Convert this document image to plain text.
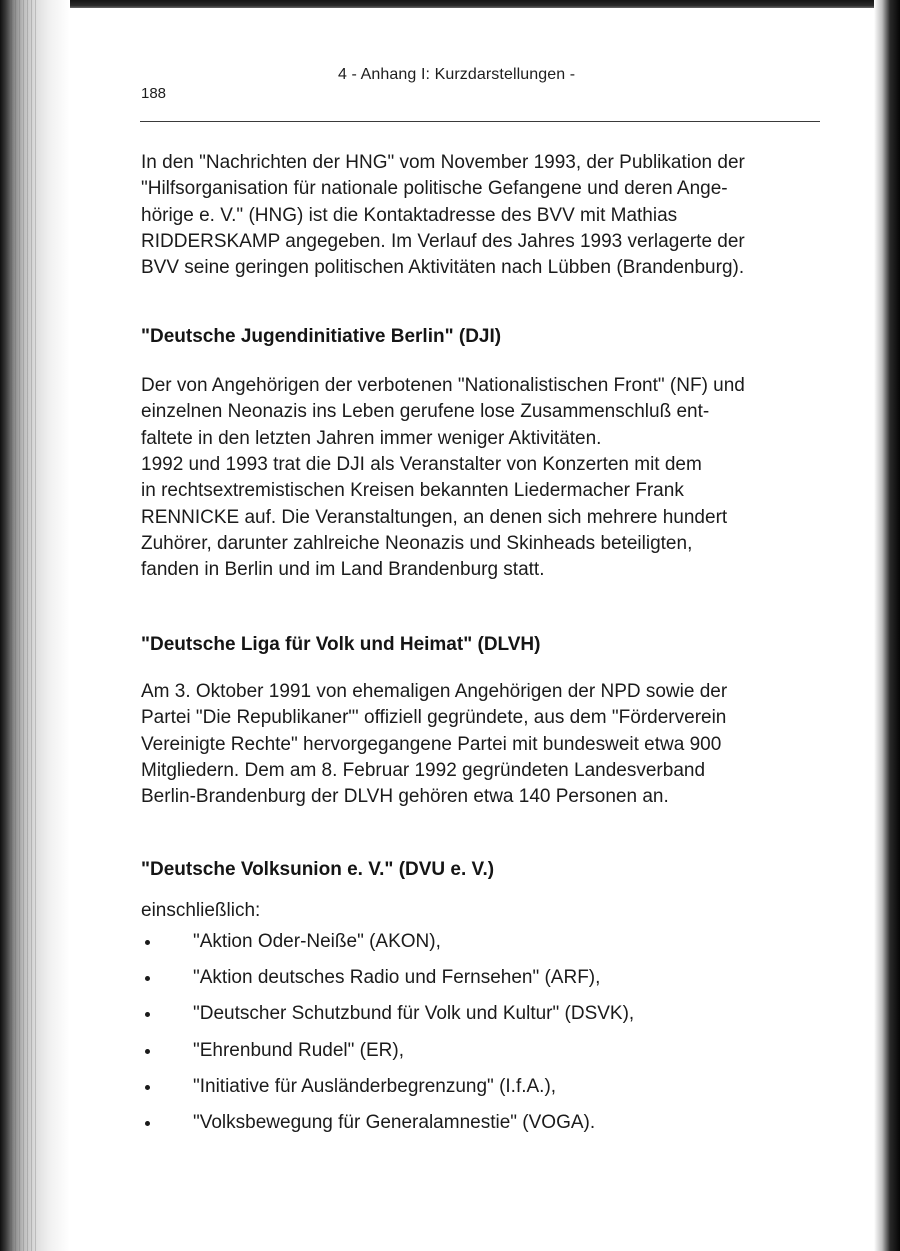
188
4 - Anhang I: Kurzdarstellungen -
In den "Nachrichten der HNG" vom November 1993, der Publikation der
"Hilfsorganisation für nationale politische Gefangene und deren Ange-
hörige e. V." (HNG) ist die Kontaktadresse des BVV mit Mathias
RIDDERSKAMP angegeben. Im Verlauf des Jahres 1993 verlagerte der
BVV seine geringen politischen Aktivitäten nach Lübben (Brandenburg).
"Deutsche Jugendinitiative Berlin" (DJI)
Der von Angehörigen der verbotenen "Nationalistischen Front" (NF) und
einzelnen Neonazis ins Leben gerufene lose Zusammenschluß ent-
faltete in den letzten Jahren immer weniger Aktivitäten.
1992 und 1993 trat die DJI als Veranstalter von Konzerten mit dem
in rechtsextremistischen Kreisen bekannten Liedermacher Frank
RENNICKE auf. Die Veranstaltungen, an denen sich mehrere hundert
Zuhörer, darunter zahlreiche Neonazis und Skinheads beteiligten,
fanden in Berlin und im Land Brandenburg statt.
"Deutsche Liga für Volk und Heimat" (DLVH)
Am 3. Oktober 1991 von ehemaligen Angehörigen der NPD sowie der
Partei "Die Republikaner"' offiziell gegründete, aus dem "Förderverein
Vereinigte Rechte" hervorgegangene Partei mit bundesweit etwa 900
Mitgliedern. Dem am 8. Februar 1992 gegründeten Landesverband
Berlin-Brandenburg der DLVH gehören etwa 140 Personen an.
"Deutsche Volksunion e. V." (DVU e. V.)
einschließlich:
"Aktion Oder-Neiße" (AKON),
"Aktion deutsches Radio und Fernsehen" (ARF),
"Deutscher Schutzbund für Volk und Kultur" (DSVK),
"Ehrenbund Rudel" (ER),
"Initiative für Ausländerbegrenzung" (I.f.A.),
"Volksbewegung für Generalamnestie" (VOGA).
